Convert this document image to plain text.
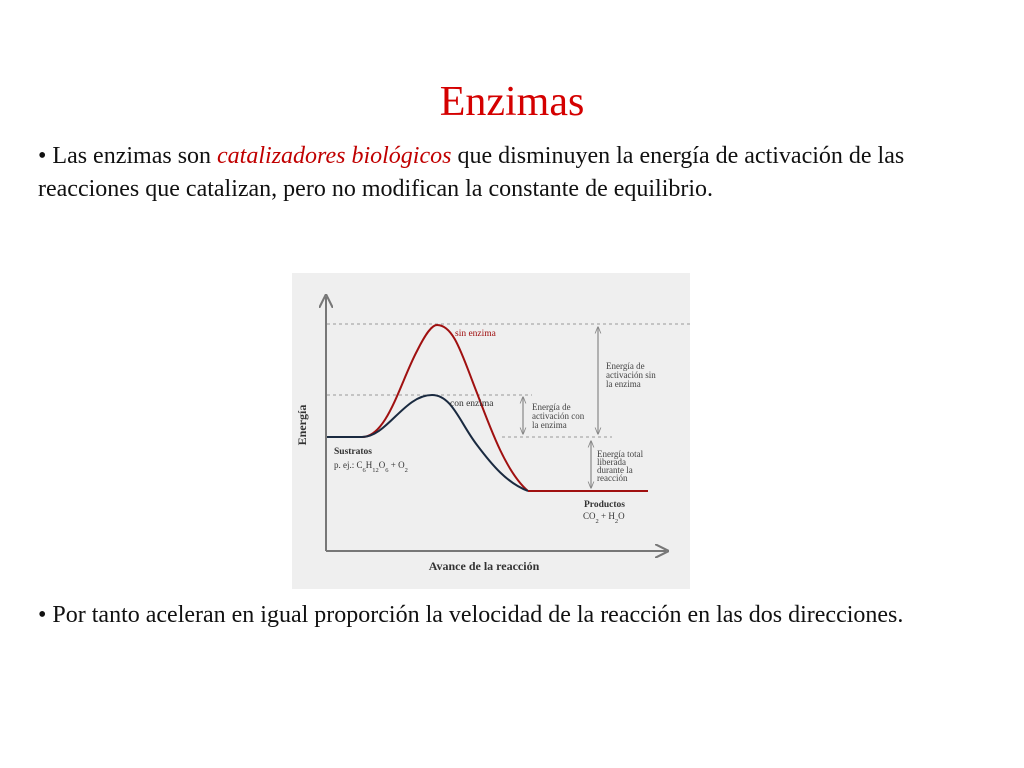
Enzimas

• Las enzimas son catalizadores biológicos que disminuyen la energía de activación de las reacciones que catalizan, pero no modifican la constante de equilibrio.

Energía
Avance de la reacción
sin enzima
con enzima
Sustratos
p. ej.: $C_6H_{12}O_6 + O_2$
Productos
$CO_2 + H_2O$
Energía de activación sin la enzima
Energía de activación con la enzima
Energía total liberada durante la reacción

• Por tanto aceleran en igual proporción la velocidad de la reacción en las dos direcciones.
